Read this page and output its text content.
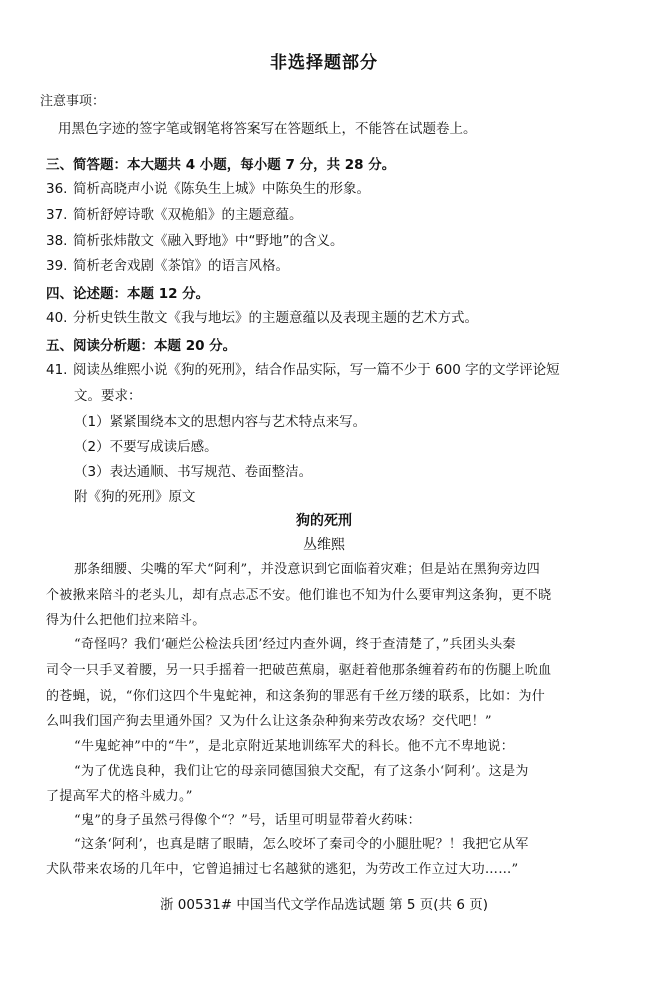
非选择题部分
注意事项：
用黑色字迹的签字笔或钢笔将答案写在答题纸上，不能答在试题卷上。
三、简答题：本大题共 4 小题，每小题 7 分，共 28 分。
36. 简析高晓声小说《陈奂生上城》中陈奂生的形象。
37. 简析舒婷诗歌《双桅船》的主题意蕴。
38. 简析张炜散文《融入野地》中“野地”的含义。
39. 简析老舍戏剧《茶馆》的语言风格。
四、论述题：本题 12 分。
40. 分析史铁生散文《我与地坛》的主题意蕴以及表现主题的艺术方式。
五、阅读分析题：本题 20 分。
41. 阅读丛维熙小说《狗的死刑》，结合作品实际，写一篇不少于 600 字的文学评论短
文。要求：
（1）紧紧围绕本文的思想内容与艺术特点来写。
（2）不要写成读后感。
（3）表达通顺、书写规范、卷面整洁。
附《狗的死刑》原文
狗的死刑
丛维熙
那条细腰、尖嘴的军犬“阿利”，并没意识到它面临着灾难；但是站在黑狗旁边四
个被揪来陪斗的老头儿，却有点忐忑不安。他们谁也不知为什么要审判这条狗，更不晓
得为什么把他们拉来陪斗。
“奇怪吗？我们‘砸烂公检法兵团’经过内查外调，终于查清楚了，”兵团头头秦
司令一只手叉着腰，另一只手摇着一把破芭蕉扇，驱赶着他那条缠着药布的伤腿上吮血
的苍蝇，说，“你们这四个牛鬼蛇神，和这条狗的罪恶有千丝万缕的联系，比如：为什
么叫我们国产狗去里通外国？又为什么让这条杂种狗来劳改农场？交代吧！”
“牛鬼蛇神”中的“牛”，是北京附近某地训练军犬的科长。他不亢不卑地说：
“为了优选良种，我们让它的母亲同德国狼犬交配，有了这条小‘阿利’。这是为
了提高军犬的格斗威力。”
“鬼”的身子虽然弓得像个“？”号，话里可明显带着火药味：
“这条‘阿利’，也真是瞎了眼睛，怎么咬坏了秦司令的小腿肚呢？！我把它从军
犬队带来农场的几年中，它曾追捕过七名越狱的逃犯，为劳改工作立过大功……”
浙 00531# 中国当代文学作品选试题 第 5 页(共 6 页)
